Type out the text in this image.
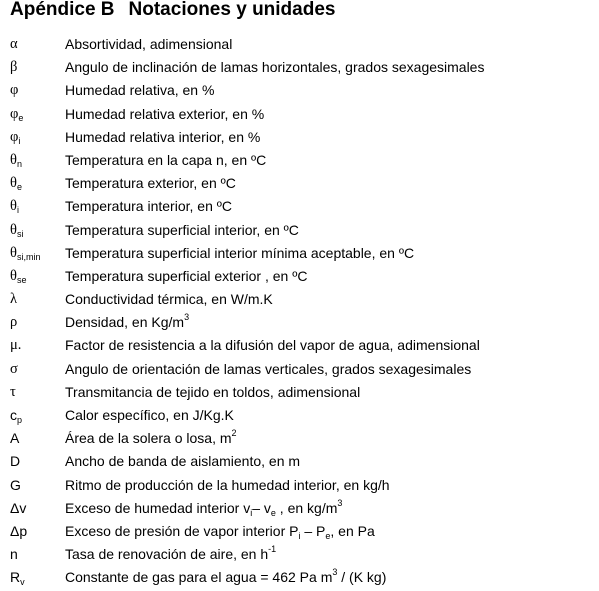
Apéndice B Notaciones y unidades
α	Absortividad, adimensional
β	Angulo de inclinación de lamas horizontales, grados sexagesimales
φ	Humedad relativa, en %
$\varphi_e$	Humedad relativa exterior, en %
$\varphi_i$	Humedad relativa interior, en %
$\theta_n$	Temperatura en la capa n, en ºC
$\theta_e$	Temperatura exterior, en ºC
$\theta_i$	Temperatura interior, en ºC
$\theta_{si}$	Temperatura superficial interior, en ºC
$\theta_{si,min}$ Temperatura superficial interior mínima aceptable, en ºC
$\theta_{se}$	Temperatura superficial exterior , en ºC
λ	Conductividad térmica, en W/m.K
ρ	Densidad, en $Kg/m^3$
μ.	Factor de resistencia a la difusión del vapor de agua, adimensional
σ	Angulo de orientación de lamas verticales, grados sexagesimales
τ	Transmitancia de tejido en toldos, adimensional
$c_p$	Calor específico, en J/Kg.K
A	Área de la solera o losa, $m^2$
D	Ancho de banda de aislamiento, en m
G	Ritmo de producción de la humedad interior, en kg/h
Δv	Exceso de humedad interior $v_i-$ $v_e$ , en $kg/m^3$
Δp	Exceso de presión de vapor interior $P_i - P_e$, en Pa
n	Tasa de renovación de aire, en $h^{-1}$
$R_v$	Constante de gas para el agua = 462 Pa $m^3 / (K$ kg)
